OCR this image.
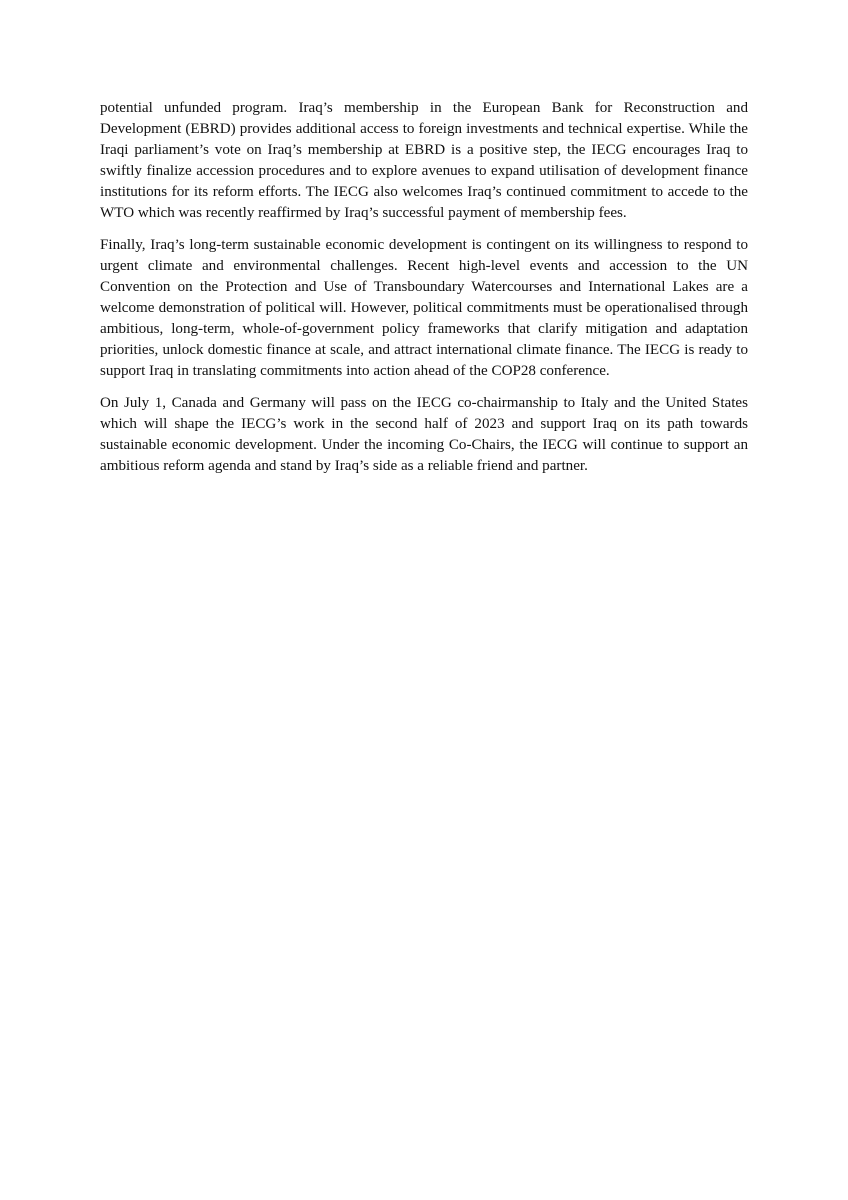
potential unfunded program. Iraq’s membership in the European Bank for Reconstruction and Development (EBRD) provides additional access to foreign investments and technical expertise. While the Iraqi parliament’s vote on Iraq’s membership at EBRD is a positive step, the IECG encourages Iraq to swiftly finalize accession procedures and to explore avenues to expand utilisation of development finance institutions for its reform efforts. The IECG also welcomes Iraq’s continued commitment to accede to the WTO which was recently reaffirmed by Iraq’s successful payment of membership fees.

Finally, Iraq’s long-term sustainable economic development is contingent on its willingness to respond to urgent climate and environmental challenges. Recent high-level events and accession to the UN Convention on the Protection and Use of Transboundary Watercourses and International Lakes are a welcome demonstration of political will. However, political commitments must be operationalised through ambitious, long-term, whole-of-government policy frameworks that clarify mitigation and adaptation priorities, unlock domestic finance at scale, and attract international climate finance. The IECG is ready to support Iraq in translating commitments into action ahead of the COP28 conference.

On July 1, Canada and Germany will pass on the IECG co-chairmanship to Italy and the United States which will shape the IECG’s work in the second half of 2023 and support Iraq on its path towards sustainable economic development. Under the incoming Co-Chairs, the IECG will continue to support an ambitious reform agenda and stand by Iraq’s side as a reliable friend and partner.
